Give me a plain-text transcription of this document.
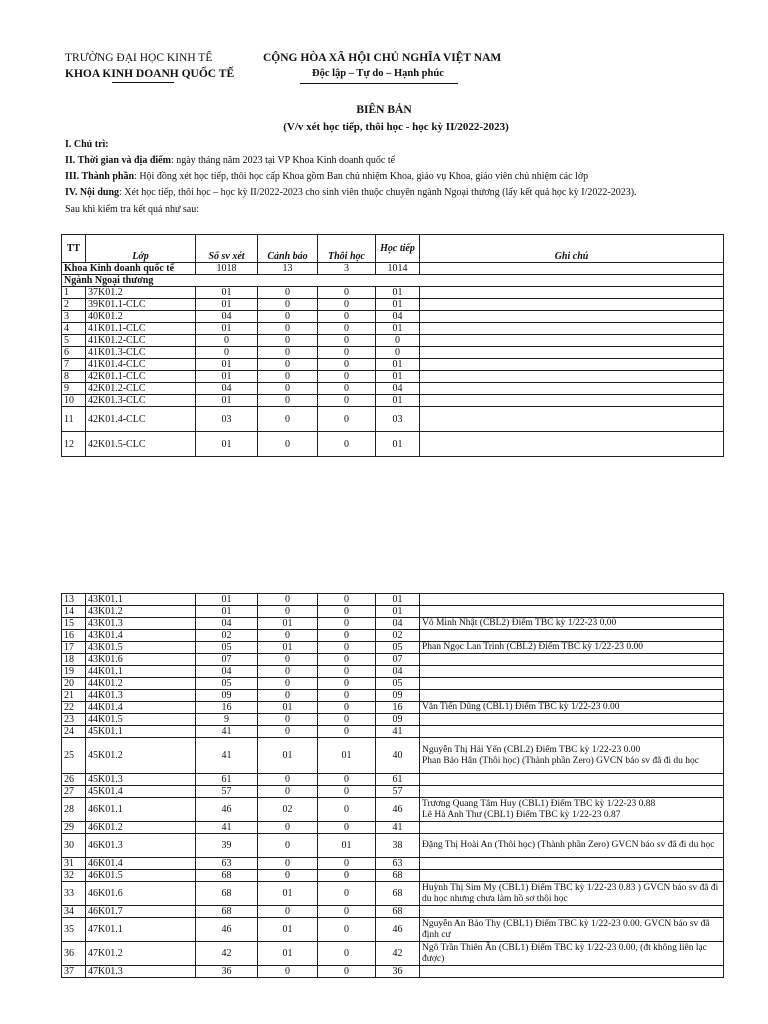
TRƯỜNG ĐẠI HỌC KINH TẾ
KHOA KINH DOANH QUỐC TẾ
CỘNG HÒA XÃ HỘI CHỦ NGHĨA VIỆT NAM
Độc lập – Tự do – Hạnh phúc
BIÊN BẢN
(V/v xét học tiếp, thôi học - học kỳ II/2022-2023)
I. Chủ trì:
II. Thời gian và địa điểm: ngày tháng năm 2023 tại VP Khoa Kinh doanh quốc tế
III. Thành phần: Hội đồng xét học tiếp, thôi học cấp Khoa gồm Ban chủ nhiệm Khoa, giáo vụ Khoa, giáo viên chủ nhiệm các lớp
IV. Nội dung: Xét học tiếp, thôi học – học kỳ II/2022-2023 cho sinh viên thuộc chuyên ngành Ngoại thương (lấy kết quả học kỳ I/2022-2023).
Sau khi kiểm tra kết quả như sau:
TT	Lớp	Số sv xét	Cảnh báo	Thôi học	Học tiếp	Ghi chú
Khoa Kinh doanh quốc tế		1018	13	3	1014	
Ngành Ngoại thương						
1	37K01.2	01	0	0	01	
2	39K01.1-CLC	01	0	0	01	
3	40K01.2	04	0	0	04	
4	41K01.1-CLC	01	0	0	01	
5	41K01.2-CLC	0	0	0	0	
6	41K01.3-CLC	0	0	0	0	
7	41K01.4-CLC	01	0	0	01	
8	42K01.1-CLC	01	0	0	01	
9	42K01.2-CLC	04	0	0	04	
10	42K01.3-CLC	01	0	0	01	
11	42K01.4-CLC	03	0	0	03	
12	42K01.5-CLC	01	0	0	01	
13	43K01.1	01	0	0	01	
14	43K01.2	01	0	0	01	
15	43K01.3	04	01	0	04	Võ Minh Nhật (CBL2) Điểm TBC kỳ 1/22-23 0.00
16	43K01.4	02	0	0	02	
17	43K01.5	05	01	0	05	Phan Ngọc Lan Trinh (CBL2) Điểm TBC kỳ 1/22-23 0.00
18	43K01.6	07	0	0	07	
19	44K01.1	04	0	0	04	
20	44K01.2	05	0	0	05	
21	44K01.3	09	0	0	09	
22	44K01.4	16	01	0	16	Văn Tiến Dũng (CBL1) Điểm TBC kỳ 1/22-23 0.00
23	44K01.5	9	0	0	09	
24	45K01.1	41	0	0	41	
25	45K01.2	41	01	01	40	Nguyễn Thị Hải Yến (CBL2) Điểm TBC kỳ 1/22-23 0.00
Phan Bảo Hân (Thôi học) (Thành phần Zero) GVCN báo sv đã đi du học
26	45K01.3	61	0	0	61	
27	45K01.4	57	0	0	57	
28	46K01.1	46	02	0	46	Trương Quang Tâm Huy (CBL1) Điểm TBC kỳ 1/22-23 0.88
Lê Hà Anh Thư (CBL1) Điểm TBC kỳ 1/22-23 0.87
29	46K01.2	41	0	0	41	
30	46K01.3	39	0	01	38	Đặng Thị Hoài An (Thôi học) (Thành phần Zero) GVCN báo sv đã đi du học
31	46K01.4	63	0	0	63	
32	46K01.5	68	0	0	68	
33	46K01.6	68	01	0	68	Huỳnh Thị Sim My (CBL1) Điểm TBC kỳ 1/22-23 0.83 ) GVCN báo sv đã đi du học nhưng chưa làm hồ sơ thôi học
34	46K01.7	68	0	0	68	
35	47K01.1	46	01	0	46	Nguyễn An Bảo Thy (CBL1) Điểm TBC kỳ 1/22-23 0.00. GVCN báo sv đã định cư
36	47K01.2	42	01	0	42	Ngô Trần Thiên Ân (CBL1) Điểm TBC kỳ 1/22-23 0.00, (đt không liên lạc được)
37	47K01.3	36	0	0	36	
